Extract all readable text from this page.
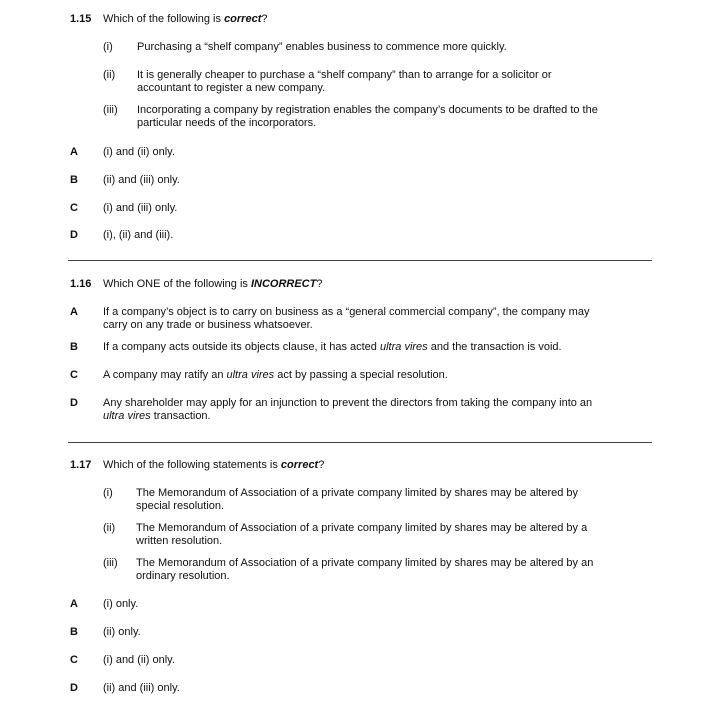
1.15 Which of the following is correct?
(i) Purchasing a “shelf company” enables business to commence more quickly.
(ii) It is generally cheaper to purchase a “shelf company” than to arrange for a solicitor or
accountant to register a new company.
(iii) Incorporating a company by registration enables the company’s documents to be drafted to the
particular needs of the incorporators.
A (i) and (ii) only.
B (ii) and (iii) only.
C (i) and (iii) only.
D (i), (ii) and (iii).
1.16 Which ONE of the following is INCORRECT?
A If a company’s object is to carry on business as a “general commercial company”, the company may
carry on any trade or business whatsoever.
B If a company acts outside its objects clause, it has acted ultra vires and the transaction is void.
C A company may ratify an ultra vires act by passing a special resolution.
D Any shareholder may apply for an injunction to prevent the directors from taking the company into an
ultra vires transaction.
1.17 Which of the following statements is correct?
(i) The Memorandum of Association of a private company limited by shares may be altered by
special resolution.
(ii) The Memorandum of Association of a private company limited by shares may be altered by a
written resolution.
(iii) The Memorandum of Association of a private company limited by shares may be altered by an
ordinary resolution.
A (i) only.
B (ii) only.
C (i) and (ii) only.
D (ii) and (iii) only.
